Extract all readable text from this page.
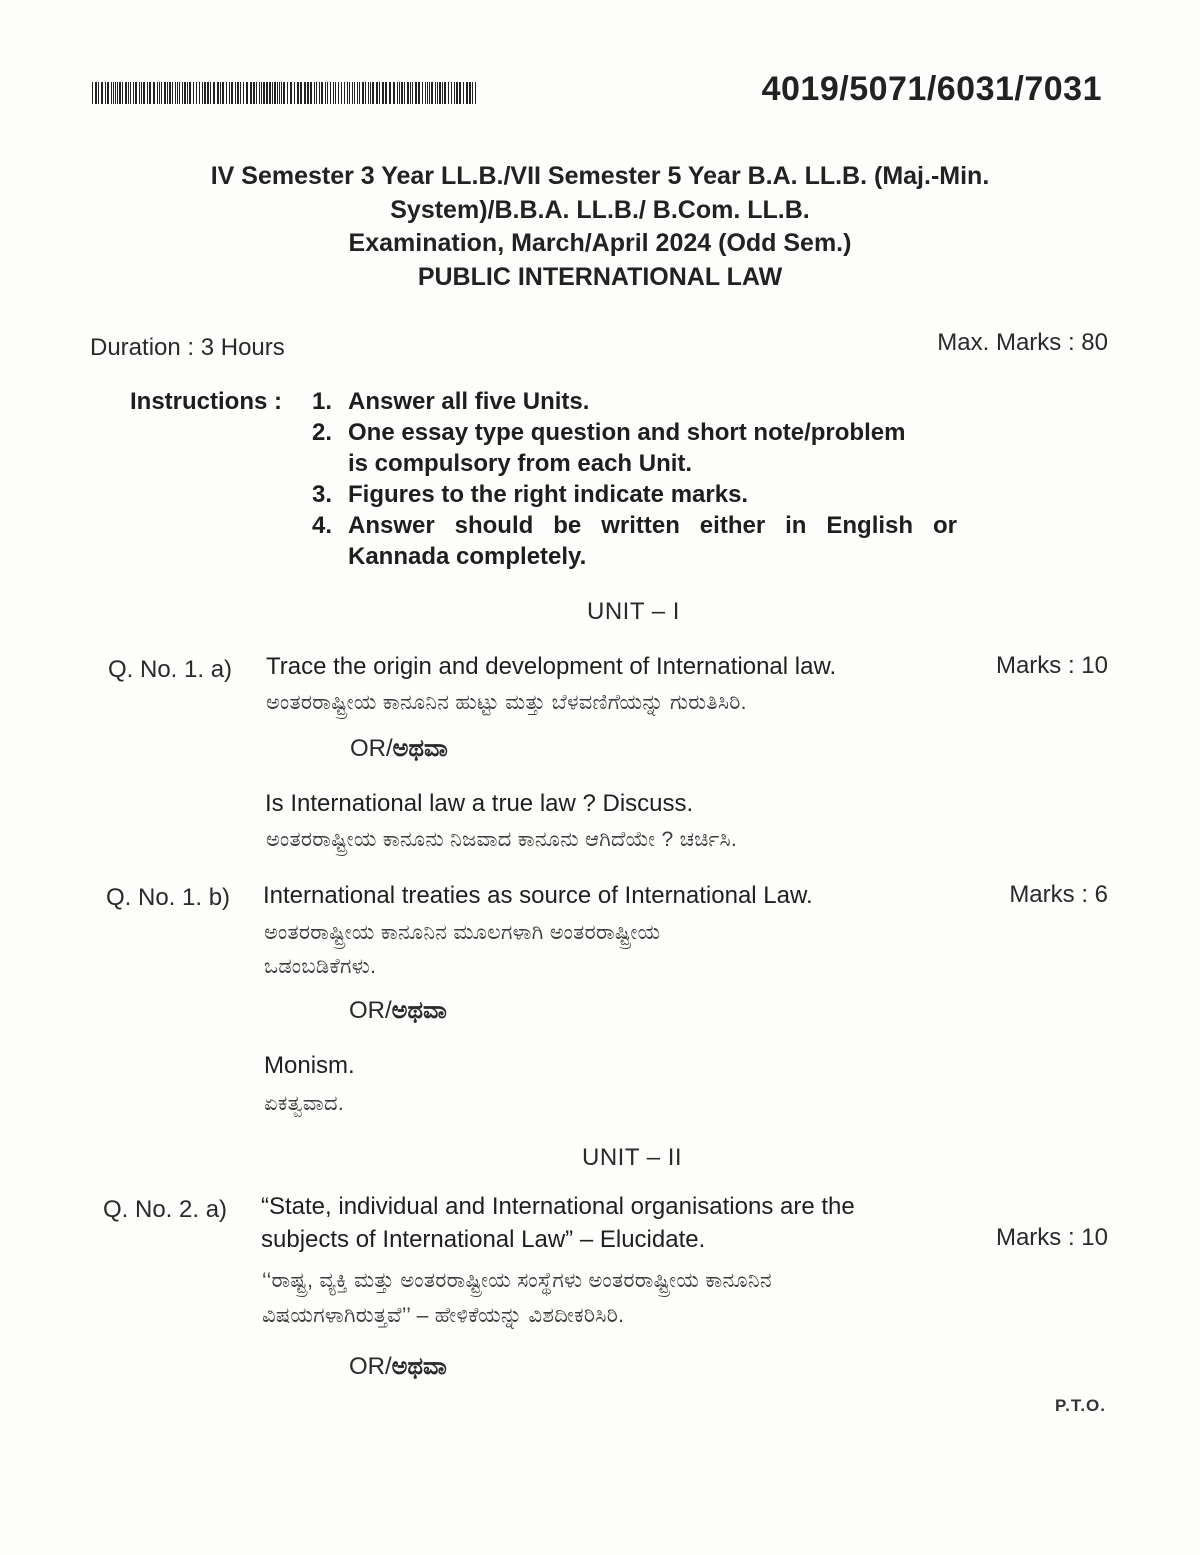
4019/5071/6031/7031
IV Semester 3 Year LL.B./VII Semester 5 Year B.A. LL.B. (Maj.-Min.
System)/B.B.A. LL.B./ B.Com. LL.B.
Examination, March/April 2024 (Odd Sem.)
PUBLIC INTERNATIONAL LAW
Duration : 3 Hours	Max. Marks : 80
Instructions : 1. Answer all five Units.
2. One essay type question and short note/problem
is compulsory from each Unit.
3. Figures to the right indicate marks.
4. Answer should be written either in English or
Kannada completely.
UNIT – I
Q. No. 1. a) Trace the origin and development of International law.	Marks : 10
ಅಂತರರಾಷ್ಟ್ರೀಯ ಕಾನೂನಿನ ಹುಟ್ಟು ಮತ್ತು ಬೆಳವಣಿಗೆಯನ್ನು ಗುರುತಿಸಿರಿ.
OR/ಅಥವಾ
Is International law a true law ? Discuss.
ಅಂತರರಾಷ್ಟ್ರೀಯ ಕಾನೂನು ನಿಜವಾದ ಕಾನೂನು ಆಗಿದೆಯೇ ? ಚರ್ಚಿಸಿ.
Q. No. 1. b) International treaties as source of International Law.	Marks : 6
ಅಂತರರಾಷ್ಟ್ರೀಯ ಕಾನೂನಿನ ಮೂಲಗಳಾಗಿ ಅಂತರರಾಷ್ಟ್ರೀಯ
ಒಡಂಬಡಿಕೆಗಳು.
OR/ಅಥವಾ
Monism.
ಏಕತ್ವವಾದ.
UNIT – II
Q. No. 2. a) “State, individual and International organisations are the
subjects of International Law” – Elucidate.	Marks : 10
‘‘ರಾಷ್ಟ್ರ, ವ್ಯಕ್ತಿ ಮತ್ತು ಅಂತರರಾಷ್ಟ್ರೀಯ ಸಂಸ್ಥೆಗಳು ಅಂತರರಾಷ್ಟ್ರೀಯ ಕಾನೂನಿನ
ವಿಷಯಗಳಾಗಿರುತ್ತವೆ’’ – ಹೇಳಿಕೆಯನ್ನು ವಿಶದೀಕರಿಸಿರಿ.
OR/ಅಥವಾ
P.T.O.
